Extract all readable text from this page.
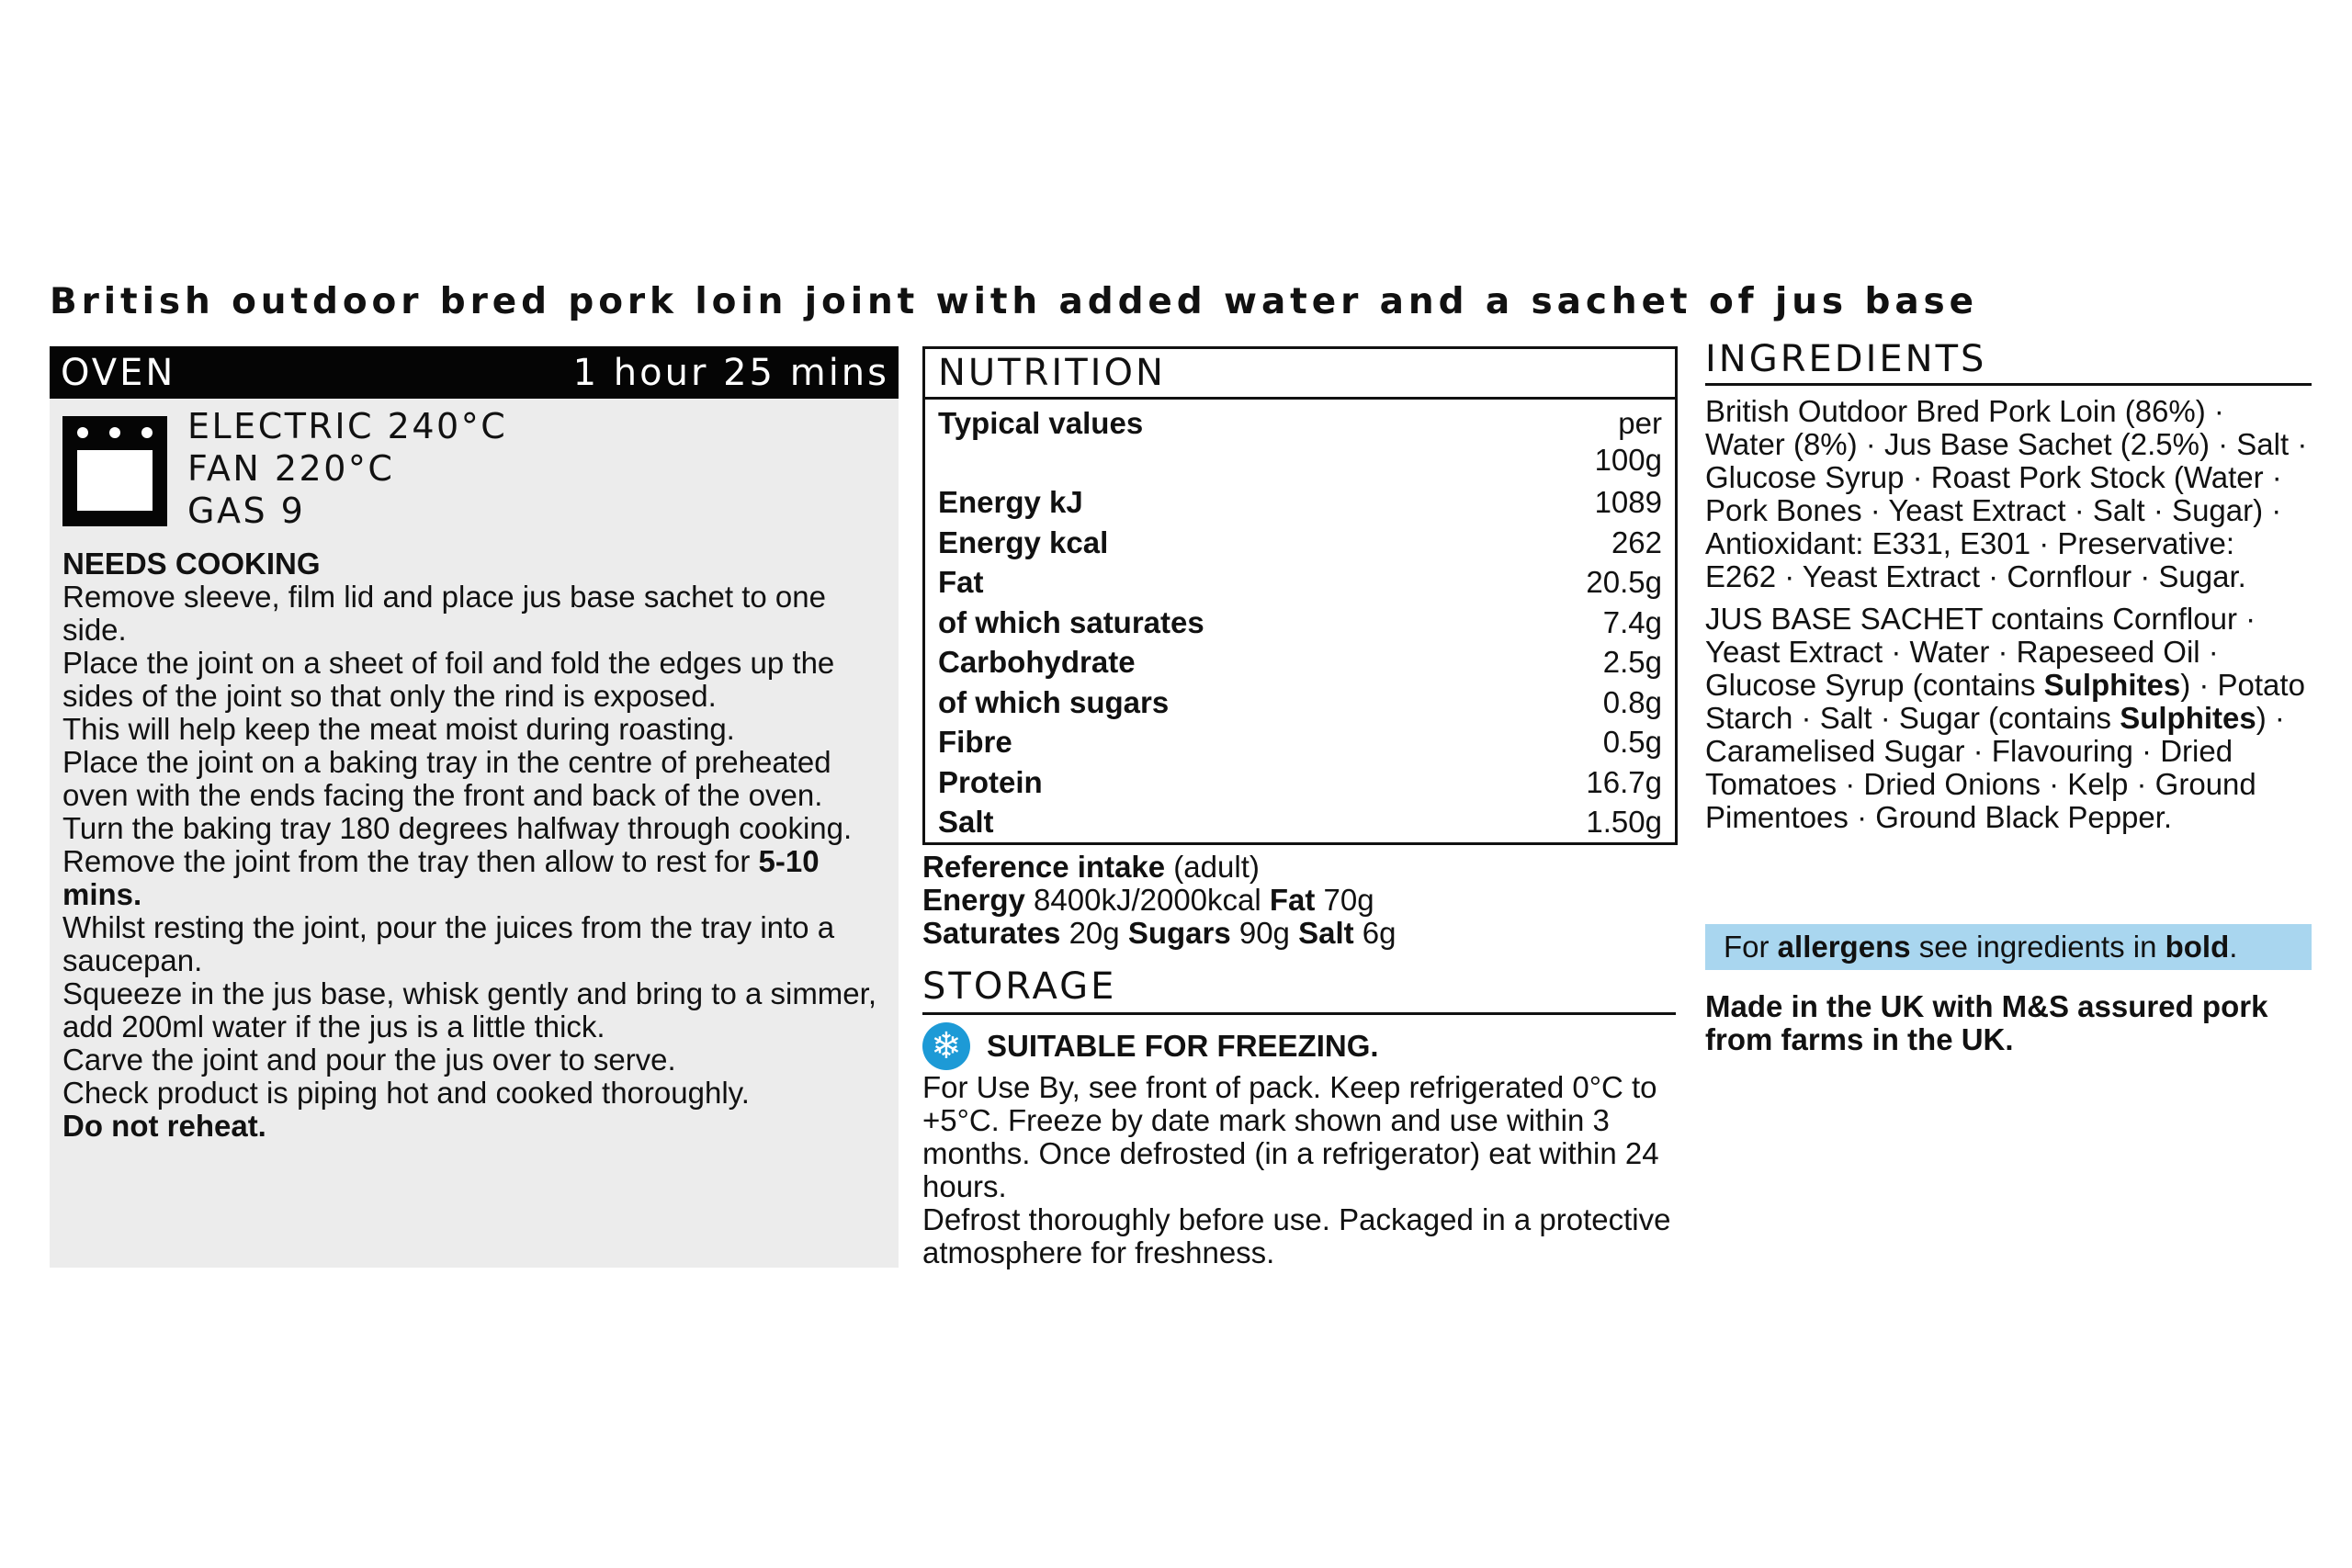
British outdoor bred pork loin joint with added water and a sachet of jus base
OVEN	1 hour 25 mins
ELECTRIC 240°C
FAN 220°C
GAS 9

NEEDS COOKING

Remove sleeve, film lid and place jus base sachet to one side.

Place the joint on a sheet of foil and fold the edges up the sides of the joint so that only the rind is exposed.

This will help keep the meat moist during roasting.

Place the joint on a baking tray in the centre of preheated oven with the ends facing the front and back of the oven.

Turn the baking tray 180 degrees halfway through cooking. Remove the joint from the tray then allow to rest for 5-10 mins.

Whilst resting the joint, pour the juices from the tray into a saucepan.

Squeeze in the jus base, whisk gently and bring to a simmer, add 200ml water if the jus is a little thick.

Carve the joint and pour the jus over to serve.

Check product is piping hot and cooked thoroughly.

Do not reheat.

NUTRITION
Typical values	per
100g
Energy kJ	1089
Energy kcal	262
Fat	20.5g
of which saturates	7.4g
Carbohydrate	2.5g
of which sugars	0.8g
Fibre	0.5g
Protein	16.7g
Salt	1.50g
Reference intake (adult)
Energy 8400kJ/2000kcal Fat 70g
Saturates 20g Sugars 90g Salt 6g
STORAGE
❄ SUITABLE FOR FREEZING.

For Use By, see front of pack. Keep refrigerated 0°C to +5°C. Freeze by date mark shown and use within 3 months. Once defrosted (in a refrigerator) eat within 24 hours.

Defrost thoroughly before use. Packaged in a protective atmosphere for freshness.

INGREDIENTS

British Outdoor Bred Pork Loin (86%) · Water (8%) · Jus Base Sachet (2.5%) · Salt · Glucose Syrup · Roast Pork Stock (Water · Pork Bones · Yeast Extract · Salt · Sugar) · Antioxidant: E331, E301 · Preservative: E262 · Yeast Extract · Cornflour · Sugar.

JUS BASE SACHET contains Cornflour · Yeast Extract · Water · Rapeseed Oil · Glucose Syrup (contains Sulphites) · Potato Starch · Salt · Sugar (contains Sulphites) · Caramelised Sugar · Flavouring · Dried Tomatoes · Dried Onions · Kelp · Ground Pimentoes · Ground Black Pepper.

For allergens see ingredients in bold.
Made in the UK with M&S assured pork from farms in the UK.
